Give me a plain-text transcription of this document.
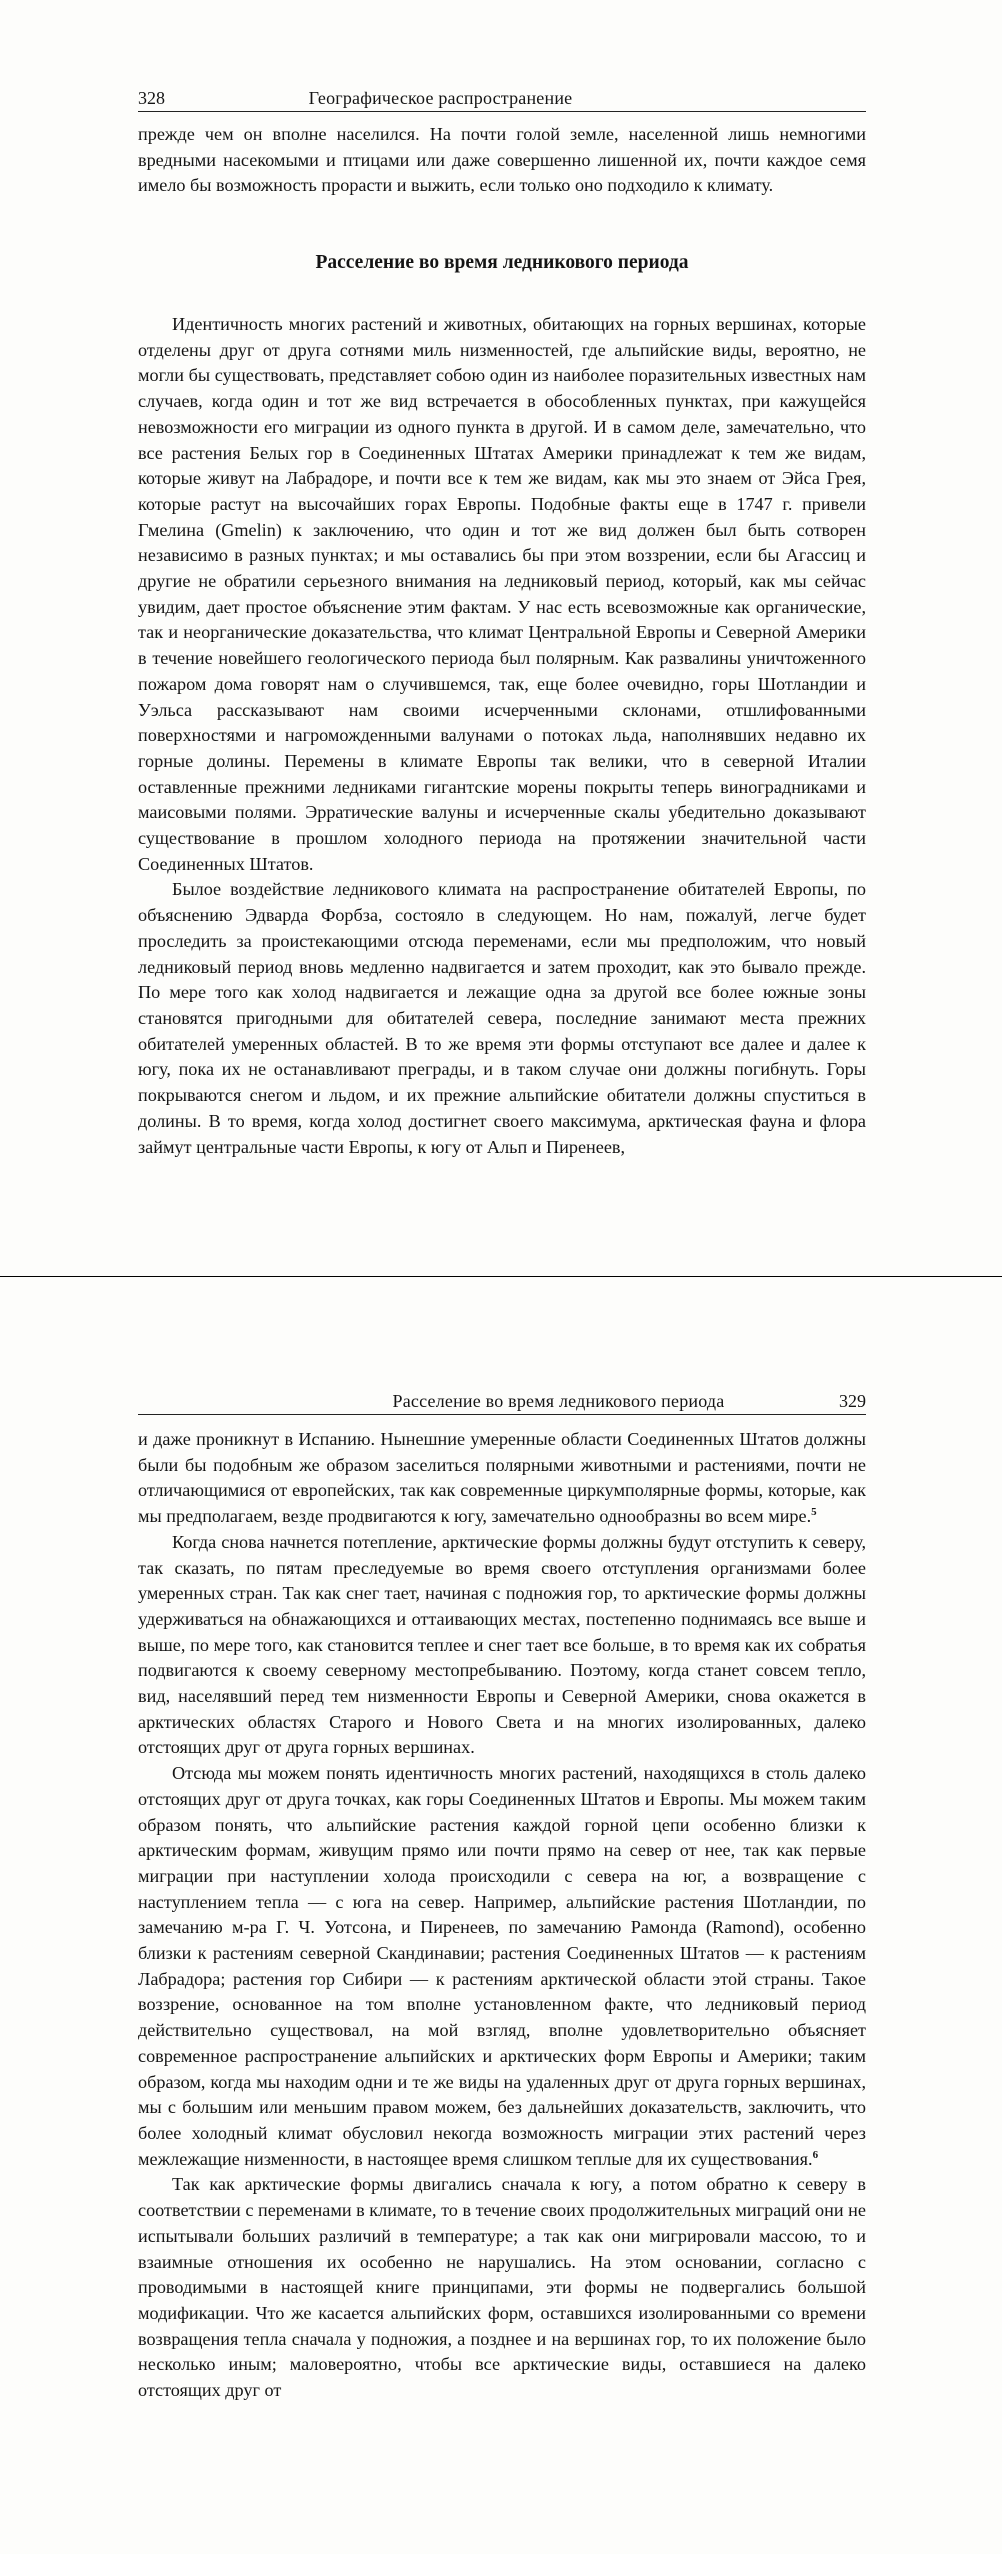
328	Географическое распространение

прежде чем он вполне населился. На почти голой земле, населенной лишь немногими вредными насекомыми и птицами или даже совершенно лишенной их, почти каждое семя имело бы возможность прорасти и выжить, если только оно подходило к климату.

Расселение во время ледникового периода

Идентичность многих растений и животных, обитающих на горных вершинах, которые отделены друг от друга сотнями миль низменностей, где альпийские виды, вероятно, не могли бы существовать, представляет собою один из наиболее поразительных известных нам случаев, когда один и тот же вид встречается в обособленных пунктах, при кажущейся невозможности его миграции из одного пункта в другой. И в самом деле, замечательно, что все растения Белых гор в Соединенных Штатах Америки принадлежат к тем же видам, которые живут на Лабрадоре, и почти все к тем же видам, как мы это знаем от Эйса Грея, которые растут на высочайших горах Европы. Подобные факты еще в 1747 г. привели Гмелина (Gmelin) к заключению, что один и тот же вид должен был быть сотворен независимо в разных пунктах; и мы оставались бы при этом воззрении, если бы Агассиц и другие не обратили серьезного внимания на ледниковый период, который, как мы сейчас увидим, дает простое объяснение этим фактам. У нас есть всевозможные как органические, так и неорганические доказательства, что климат Центральной Европы и Северной Америки в течение новейшего геологического периода был полярным. Как развалины уничтоженного пожаром дома говорят нам о случившемся, так, еще более очевидно, горы Шотландии и Уэльса рассказывают нам своими исчерченными склонами, отшлифованными поверхностями и нагроможденными валунами о потоках льда, наполнявших недавно их горные долины. Перемены в климате Европы так велики, что в северной Италии оставленные прежними ледниками гигантские морены покрыты теперь виноградниками и маисовыми полями. Эрратические валуны и исчерченные скалы убедительно доказывают существование в прошлом холодного периода на протяжении значительной части Соединенных Штатов.

Былое воздействие ледникового климата на распространение обитателей Европы, по объяснению Эдварда Форбза, состояло в следующем. Но нам, пожалуй, легче будет проследить за проистекающими отсюда переменами, если мы предположим, что новый ледниковый период вновь медленно надвигается и затем проходит, как это бывало прежде. По мере того как холод надвигается и лежащие одна за другой все более южные зоны становятся пригодными для обитателей севера, последние занимают места прежних обитателей умеренных областей. В то же время эти формы отступают все далее и далее к югу, пока их не останавливают преграды, и в таком случае они должны погибнуть. Горы покрываются снегом и льдом, и их прежние альпийские обитатели должны спуститься в долины. В то время, когда холод достигнет своего максимума, арктическая фауна и флора займут центральные части Европы, к югу от Альп и Пиренеев,

Расселение во время ледникового периода	329

и даже проникнут в Испанию. Нынешние умеренные области Соединенных Штатов должны были бы подобным же образом заселиться полярными животными и растениями, почти не отличающимися от европейских, так как современные циркумполярные формы, которые, как мы предполагаем, везде продвигаются к югу, замечательно однообразны во всем мире.$^5$

Когда снова начнется потепление, арктические формы должны будут отступить к северу, так сказать, по пятам преследуемые во время своего отступления организмами более умеренных стран. Так как снег тает, начиная с подножия гор, то арктические формы должны удерживаться на обнажающихся и оттаивающих местах, постепенно поднимаясь все выше и выше, по мере того, как становится теплее и снег тает все больше, в то время как их собратья подвигаются к своему северному местопребыванию. Поэтому, когда станет совсем тепло, вид, населявший перед тем низменности Европы и Северной Америки, снова окажется в арктических областях Старого и Нового Света и на многих изолированных, далеко отстоящих друг от друга горных вершинах.

Отсюда мы можем понять идентичность многих растений, находящихся в столь далеко отстоящих друг от друга точках, как горы Соединенных Штатов и Европы. Мы можем таким образом понять, что альпийские растения каждой горной цепи особенно близки к арктическим формам, живущим прямо или почти прямо на север от нее, так как первые миграции при наступлении холода происходили с севера на юг, а возвращение с наступлением тепла — с юга на север. Например, альпийские растения Шотландии, по замечанию м-ра Г. Ч. Уотсона, и Пиренеев, по замечанию Рамонда (Ramond), особенно близки к растениям северной Скандинавии; растения Соединенных Штатов — к растениям Лабрадора; растения гор Сибири — к растениям арктической области этой страны. Такое воззрение, основанное на том вполне установленном факте, что ледниковый период действительно существовал, на мой взгляд, вполне удовлетворительно объясняет современное распространение альпийских и арктических форм Европы и Америки; таким образом, когда мы находим одни и те же виды на удаленных друг от друга горных вершинах, мы с большим или меньшим правом можем, без дальнейших доказательств, заключить, что более холодный климат обусловил некогда возможность миграции этих растений через межлежащие низменности, в настоящее время слишком теплые для их существования.$^6$

Так как арктические формы двигались сначала к югу, а потом обратно к северу в соответствии с переменами в климате, то в течение своих продолжительных миграций они не испытывали больших различий в температуре; а так как они мигрировали массою, то и взаимные отношения их особенно не нарушались. На этом основании, согласно с проводимыми в настоящей книге принципами, эти формы не подвергались большой модификации. Что же касается альпийских форм, оставшихся изолированными со времени возвращения тепла сначала у подножия, а позднее и на вершинах гор, то их положение было несколько иным; маловероятно, чтобы все арктические виды, оставшиеся на далеко отстоящих друг от
